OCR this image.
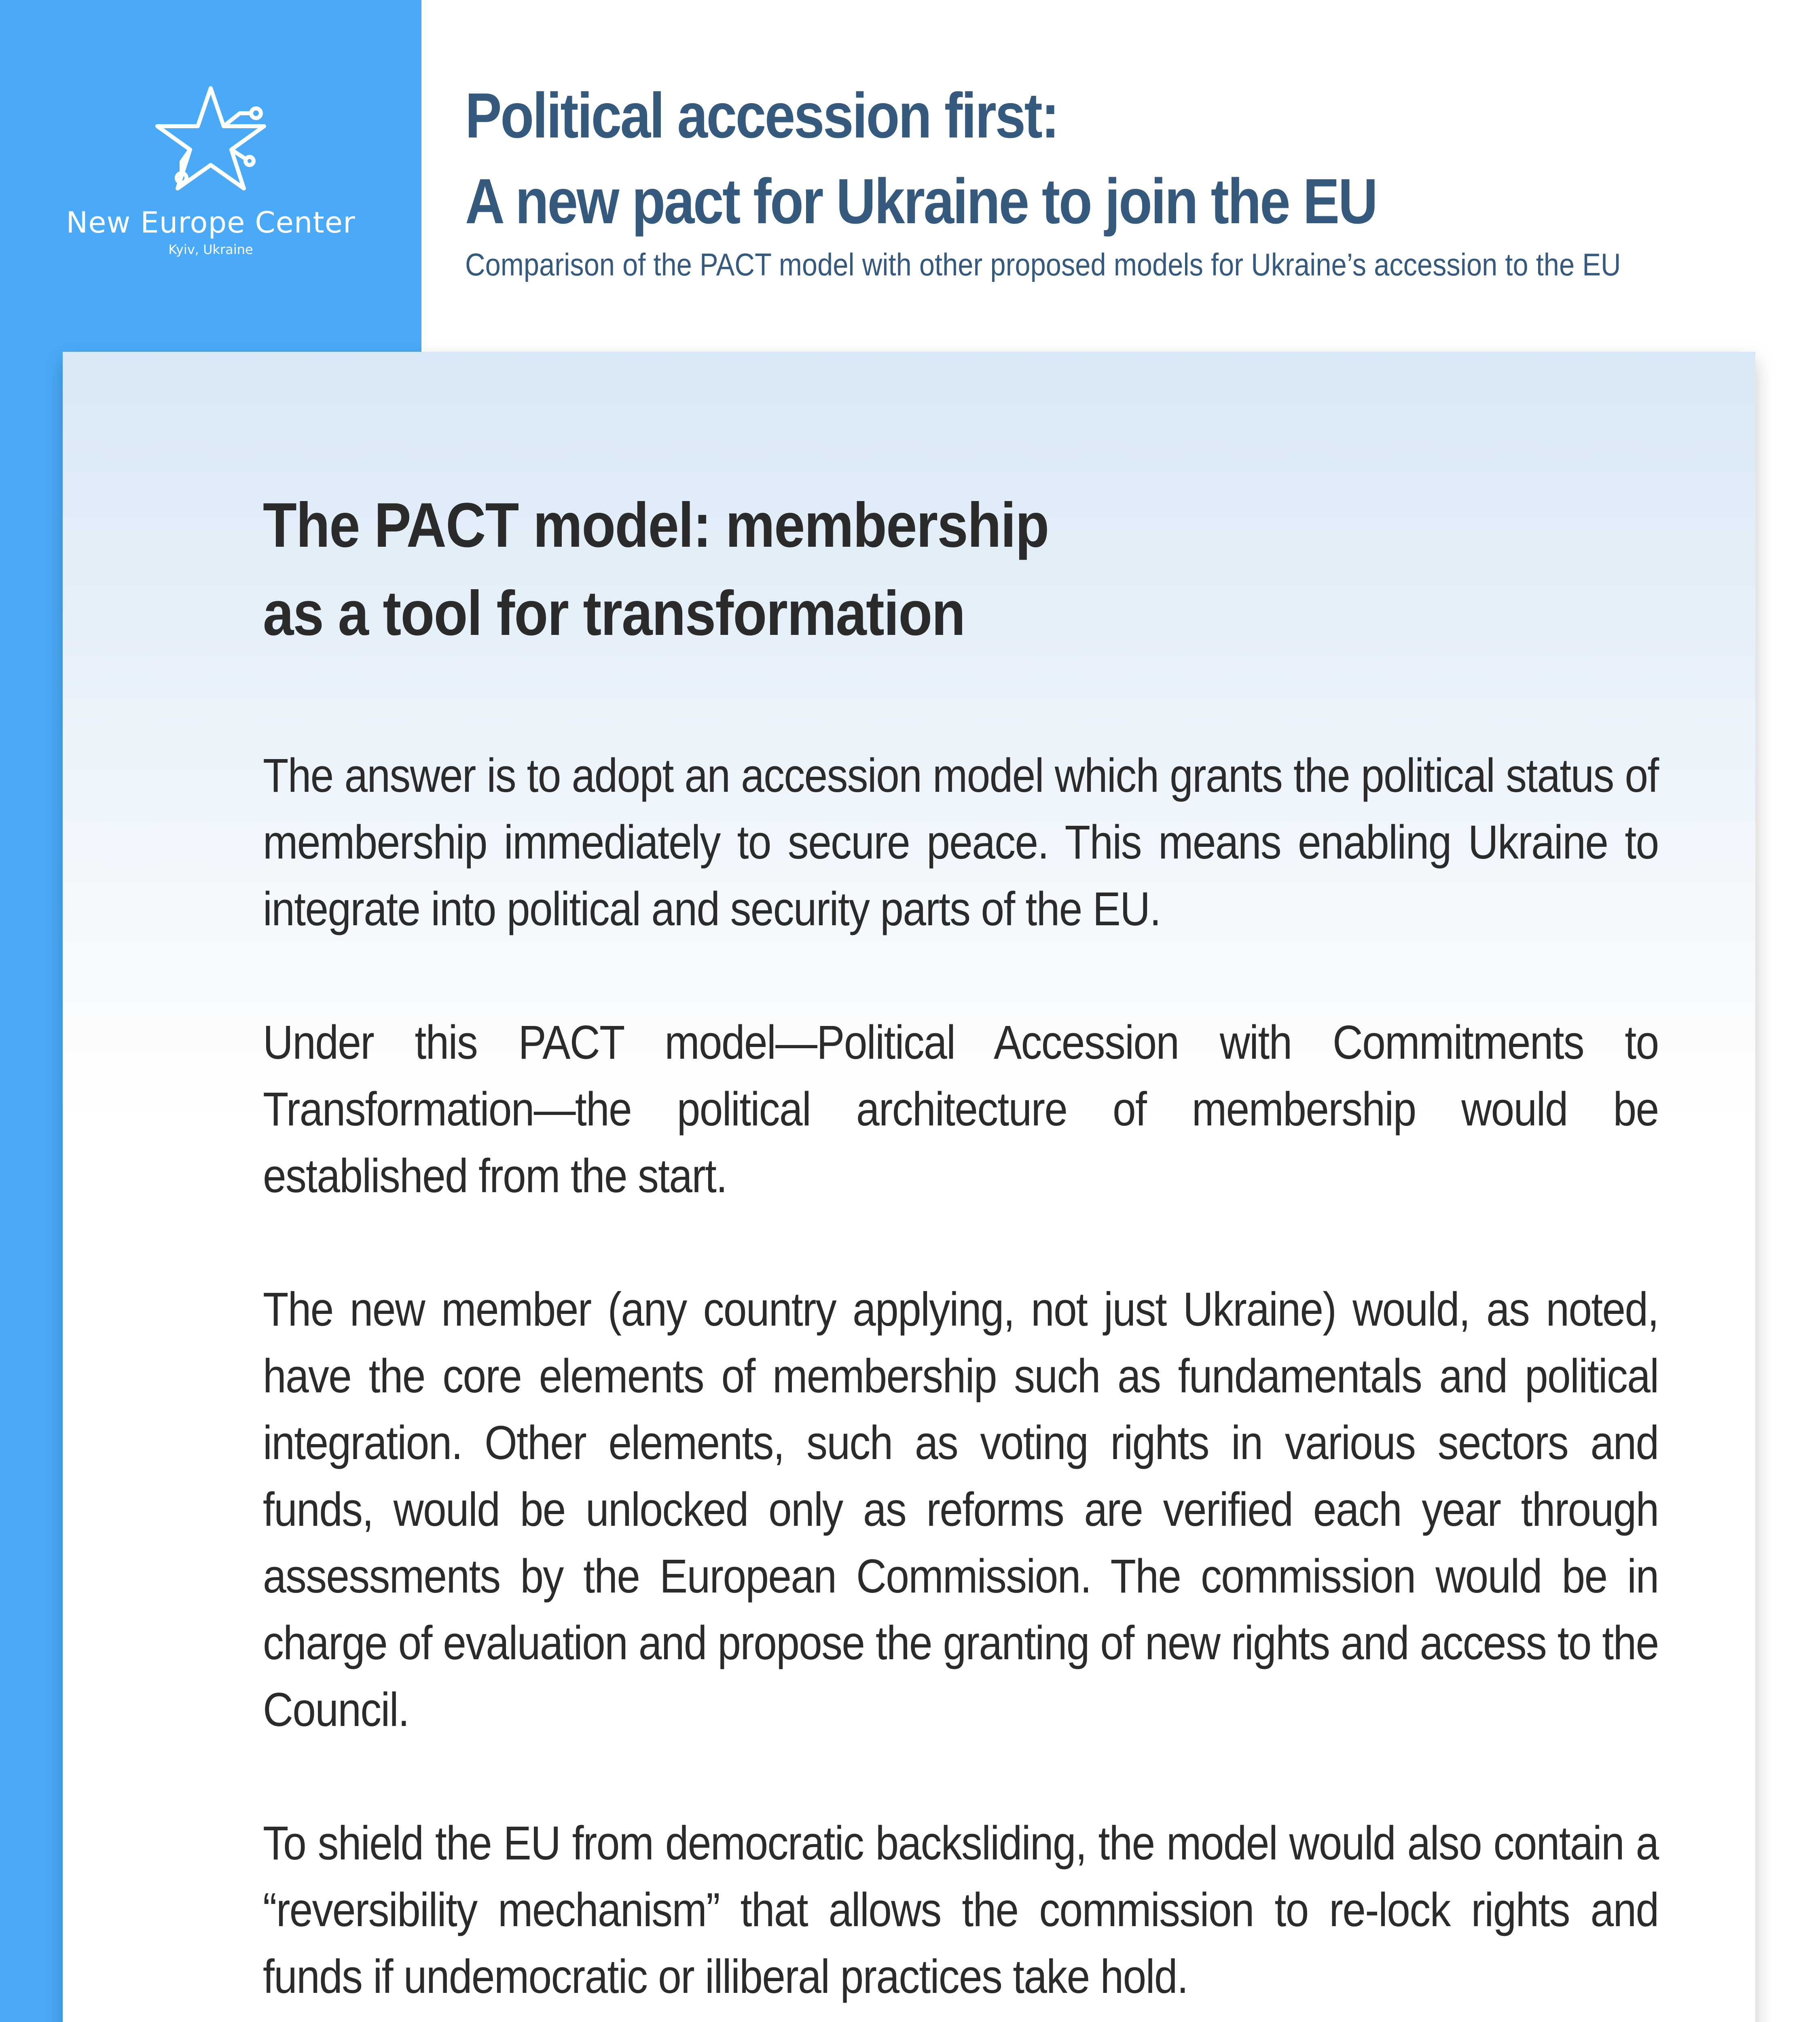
New Europe Center
Kyiv, Ukraine
Political accession first:
A new pact for Ukraine to join the EU
Comparison of the PACT model with other proposed models for Ukraine’s accession to the EU
The PACT model: membership
as a tool for transformation

The answer is to adopt an accession model which grants the political status of membership immediately to secure peace. This means enabling Ukraine to integrate into political and security parts of the EU.

Under this PACT model—Political Accession with Commitments to Transformation—the political architecture of membership would be established from the start.

The new member (any country applying, not just Ukraine) would, as noted, have the core elements of membership such as fundamentals and political integration. Other elements, such as voting rights in various sectors and funds, would be unlocked only as reforms are verified each year through assessments by the European Commission. The commission would be in charge of evaluation and propose the granting of new rights and access to the Council.

To shield the EU from democratic backsliding, the model would also contain a “reversibility mechanism” that allows the commission to re-lock rights and funds if undemocratic or illiberal practices take hold.
